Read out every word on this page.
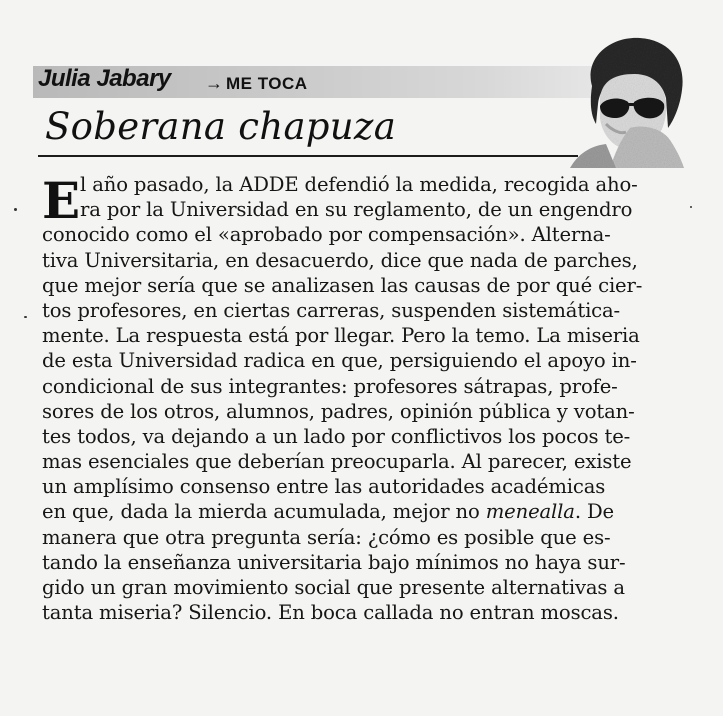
Julia Jabary → ME TOCA
Soberana chapuza
E l año pasado, la ADDE defendió la medida, recogida aho-
ra por la Universidad en su reglamento, de un engendro
conocido como el «aprobado por compensación». Alterna-
tiva Universitaria, en desacuerdo, dice que nada de parches,
que mejor sería que se analizasen las causas de por qué cier-
tos profesores, en ciertas carreras, suspenden sistemática-
mente. La respuesta está por llegar. Pero la temo. La miseria
de esta Universidad radica en que, persiguiendo el apoyo in-
condicional de sus integrantes: profesores sátrapas, profe-
sores de los otros, alumnos, padres, opinión pública y votan-
tes todos, va dejando a un lado por conflictivos los pocos te-
mas esenciales que deberían preocuparla. Al parecer, existe
un amplísimo consenso entre las autoridades académicas
en que, dada la mierda acumulada, mejor no menealla. De
manera que otra pregunta sería: ¿cómo es posible que es-
tando la enseñanza universitaria bajo mínimos no haya sur-
gido un gran movimiento social que presente alternativas a
tanta miseria? Silencio. En boca callada no entran moscas.
